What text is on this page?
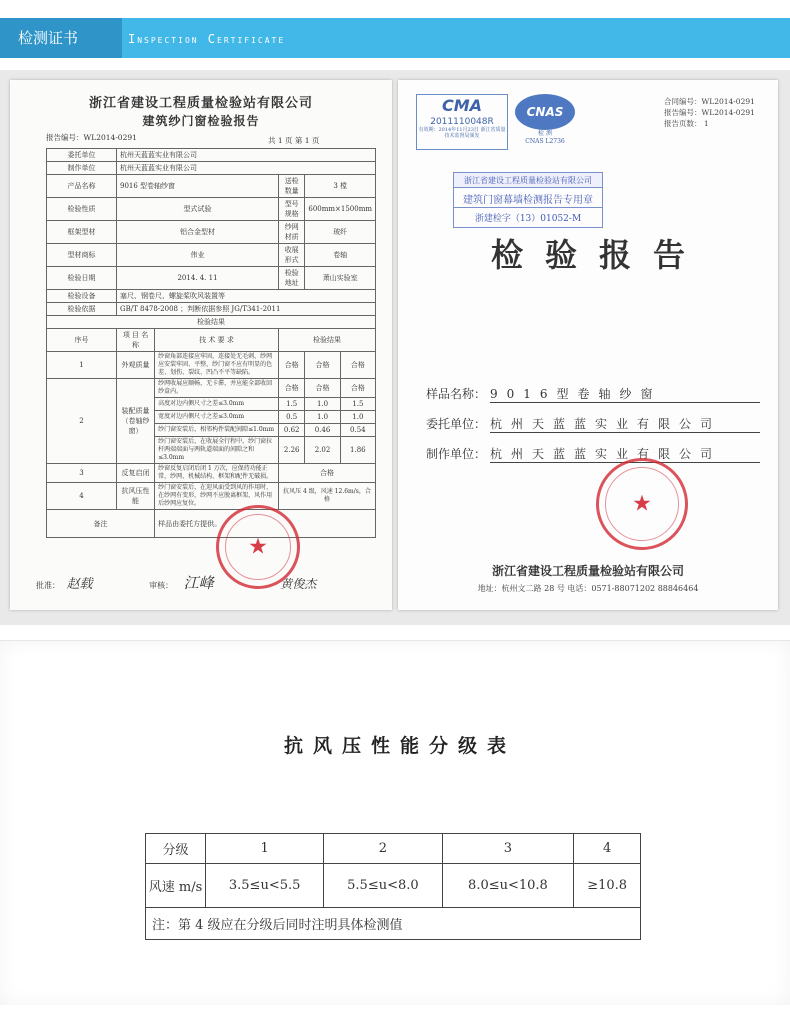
检测证书	Inspection Certificate
浙江省建设工程质量检验站有限公司
建筑纱门窗检验报告
报告编号：WL2014-0291	共 1 页 第 1 页
委托单位	杭州天蓝蓝实业有限公司				
制作单位	杭州天蓝蓝实业有限公司				
产品名称	9016 型卷轴纱窗		送检数量	3 樘	
检验性质	型式试验		型号规格	600mm×1500mm	
框架型材	铝合金型材		纱网材质	玻纤	
型材商标	伟业		收展形式	卷轴	
检验日期	2014. 4. 11		检验地址	萧山实验室	
检验设备	塞尺、钢卷尺、螺旋桨吹风装置等				
检验依据	GB/T 8478-2008 ；判断依据参照 JG/T341-2011				
检验结果					
序号	项 目 名 称	技 术 要 求	检验结果		
1	外观质量	纱窗角部连接应牢固，连接处无毛刺，纱网应安装牢固、平整，纱门窗不应有明显的色差、划伤、裂纹、凹凸不平等缺陷。	合格	合格	合格
2	装配质量（卷轴纱窗）	纱网收展应顺畅，无卡滞，并应能全部收回纱盒内。	合格	合格	合格
		高度对边内侧尺寸之差≤3.0mm	1.5	1.0	1.5
		宽度对边内侧尺寸之差≤3.0mm	0.5	1.0	1.0
		纱门窗安装后，相邻构件装配间隙≤1.0mm	0.62	0.46	0.54
		纱门窗安装后，在收展全行程中，纱门窗拉杆两端端面与两轨道端面的间隙之和≤3.0mm	2.26	2.02	1.86
3	反复启闭	纱窗反复启闭后闭 1 万次，应保持功能正常，纱网、机械结构、框架和配件无破损。	合格		
4	抗风压性能	纱门窗安装后，在迎风面受到风的作用时，在纱网有变形，纱网不应脱离框架，风作用后纱网应复位。	抗风压 4 级，风速 12.6m/s，合格		
备注		样品由委托方提供。			
批准： 赵载	审核： 江峰	黄俊杰
★
CMA
2011110048R
有效期：2014年11月23日 浙江省质量技术监督局颁发
CNAS
检 测
CNAS L2736
合同编号：WL2014-0291
报告编号：WL2014-0291
报告页数： 1
浙江省建设工程质量检验站有限公司
建筑门窗幕墙检测报告专用章
浙建检字（13）01052-M
检验报告
样品名称： 9016型卷轴纱窗
委托单位： 杭州天蓝蓝实业有限公司
制作单位： 杭州天蓝蓝实业有限公司
★
浙江省建设工程质量检验站有限公司
地址：杭州文二路 28 号 电话：0571-88071202 88846464
抗风压性能分级表
分级	1	2	3	4
风速 m/s	3.5≤u<5.5	5.5≤u<8.0	8.0≤u<10.8	≥10.8
注：第 4 级应在分级后同时注明具体检测值				
